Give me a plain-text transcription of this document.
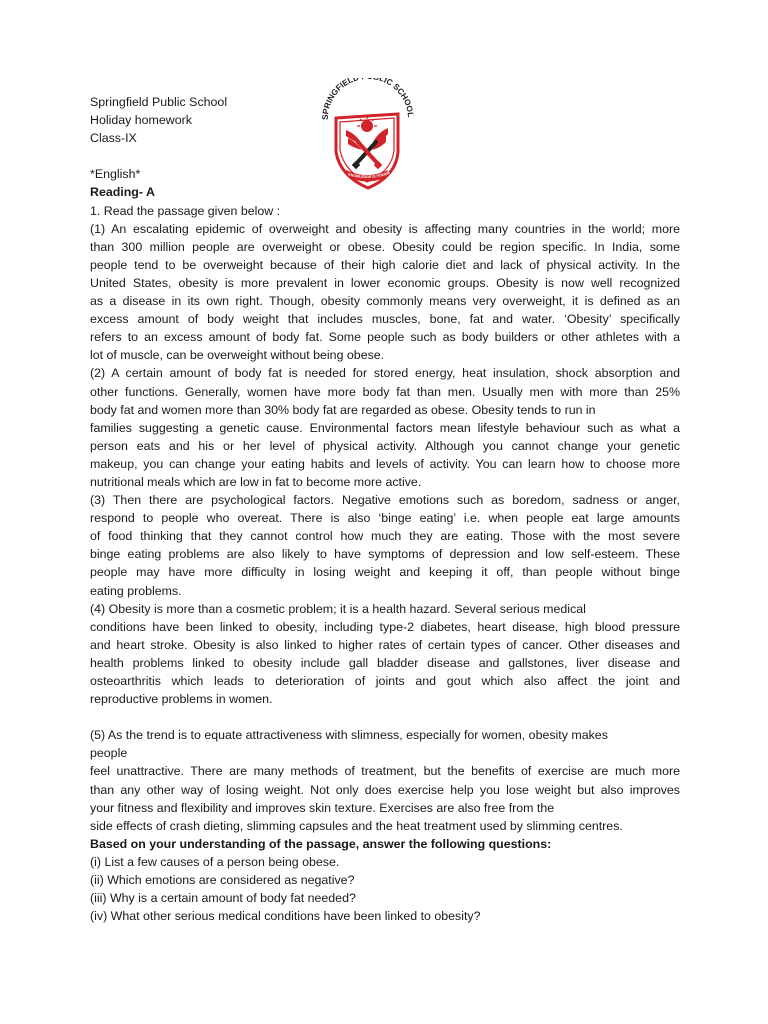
SPRINGFIELD LIC SCHOOL
KNOWLEDGE IS POWER
Springfield Public School
Holiday homework
Class-IX
*English*
Reading- A
1. Read the passage given below :
(1) An escalating epidemic of overweight and obesity is affecting many countries in the world; more
than 300 million people are overweight or obese. Obesity could be region specific. In India, some
people tend to be overweight because of their high calorie diet and lack of physical activity. In the
United States, obesity is more prevalent in lower economic groups. Obesity is now well recognized
as a disease in its own right. Though, obesity commonly means very overweight, it is defined as an
excess amount of body weight that includes muscles, bone, fat and water. ‘Obesity’ specifically
refers to an excess amount of body fat. Some people such as body builders or other athletes with a
lot of muscle, can be overweight without being obese.
(2) A certain amount of body fat is needed for stored energy, heat insulation, shock absorption and
other functions. Generally, women have more body fat than men. Usually men with more than 25%
body fat and women more than 30% body fat are regarded as obese. Obesity tends to run in
families suggesting a genetic cause. Environmental factors mean lifestyle behaviour such as what a
person eats and his or her level of physical activity. Although you cannot change your genetic
makeup, you can change your eating habits and levels of activity. You can learn how to choose more
nutritional meals which are low in fat to become more active.
(3) Then there are psychological factors. Negative emotions such as boredom, sadness or anger,
respond to people who overeat. There is also ‘binge eating’ i.e. when people eat large amounts
of food thinking that they cannot control how much they are eating. Those with the most severe
binge eating problems are also likely to have symptoms of depression and low self-esteem. These
people may have more difficulty in losing weight and keeping it off, than people without binge
eating problems.
(4) Obesity is more than a cosmetic problem; it is a health hazard. Several serious medical
conditions have been linked to obesity, including type-2 diabetes, heart disease, high blood pressure
and heart stroke. Obesity is also linked to higher rates of certain types of cancer. Other diseases and
health problems linked to obesity include gall bladder disease and gallstones, liver disease and
osteoarthritis which leads to deterioration of joints and gout which also affect the joint and
reproductive problems in women.
(5) As the trend is to equate attractiveness with slimness, especially for women, obesity makes
people
feel unattractive. There are many methods of treatment, but the benefits of exercise are much more
than any other way of losing weight. Not only does exercise help you lose weight but also improves
your fitness and flexibility and improves skin texture. Exercises are also free from the
side effects of crash dieting, slimming capsules and the heat treatment used by slimming centres.
Based on your understanding of the passage, answer the following questions:
(i) List a few causes of a person being obese.
(ii) Which emotions are considered as negative?
(iii) Why is a certain amount of body fat needed?
(iv) What other serious medical conditions have been linked to obesity?
